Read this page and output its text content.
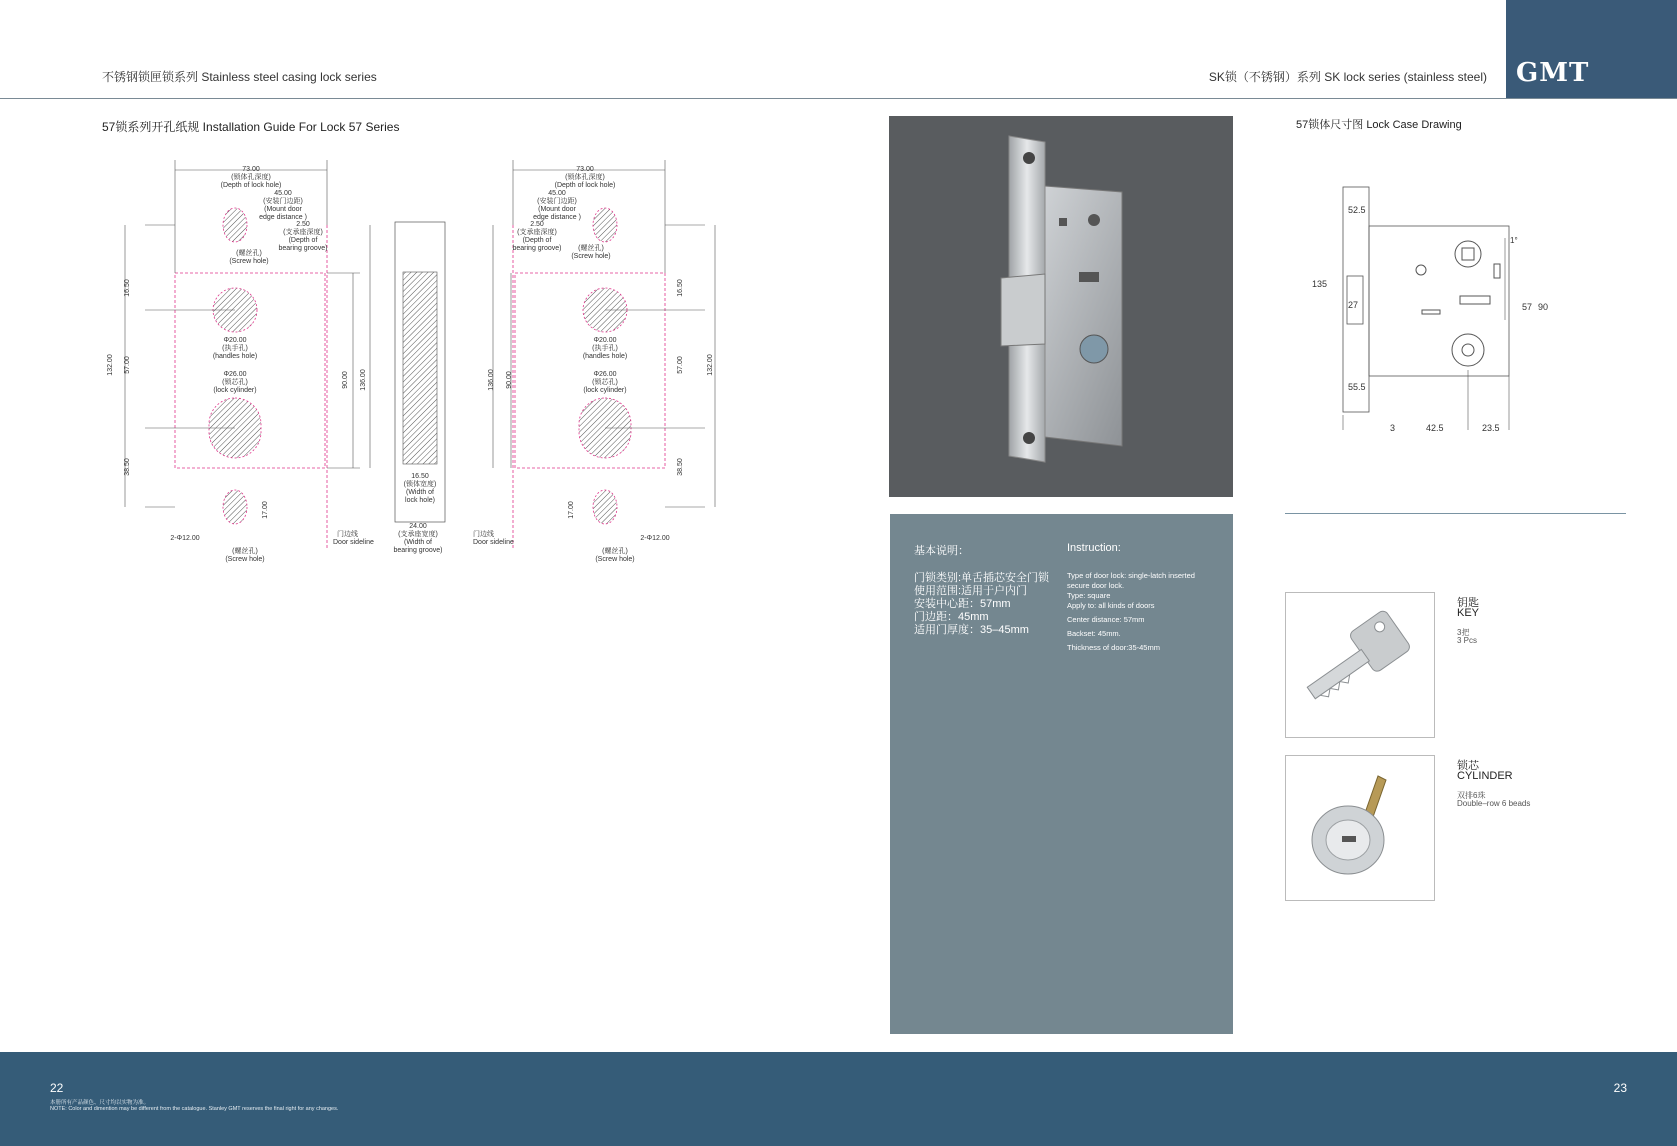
不锈钢锁匣锁系列 Stainless steel casing lock series	SK锁（不锈钢）系列 SK lock series (stainless steel) GMT
57锁系列开孔纸规 Installation Guide For Lock 57 Series
73.00
(锁体孔深度)
(Depth of lock hole)
45.00
(安装门边距)
(Mount door
edge distance )
2.50
(支承座深度)
(Depth of
bearing groove)
(螺丝孔)
(Screw hole)
Φ20.00
(执手孔)
(handles hole)
Φ26.00
(锁芯孔)
(lock cylinder)
2-Φ12.00
(螺丝孔)
(Screw hole)
门边线
Door sideline
16.50
57.00
38.50
132.00
90.00 136.00
17.00
16.50
(锁体宽度)
(Width of
lock hole)
24.00
(支承座宽度)
(Width of
bearing groove)
73.00
(锁体孔深度)
(Depth of lock hole)
45.00
(安装门边距)
(Mount door
edge distance )
2.50
(支承座深度)
(Depth of
bearing groove) (螺丝孔)
(Screw hole)
Φ20.00
(执手孔)
(handles hole)
Φ26.00
(锁芯孔)
(lock cylinder)
2-Φ12.00
(螺丝孔)
(Screw hole)
门边线
Door sideline
16.50
57.00
38.50
132.00
136.00 90.00
17.00
基本说明：
门锁类别:单舌插芯安全门锁
使用范围:适用于户内门
安装中心距：57mm
门边距：45mm
适用门厚度：35–45mm
Instruction:
Type of door lock: single-latch inserted
secure door lock.
Type: square
Apply to: all kinds of doors
Center distance: 57mm
Backset: 45mm.
Thickness of door:35-45mm
57锁体尺寸图 Lock Case Drawing
52.5
135
27
55.5
3	42.5	23.5
57 90
1°
钥匙
KEY
3把
3 Pcs
锁芯
CYLINDER
双排6珠
Double–row 6 beads
22	23
本册所有产品颜色、尺寸均以实物为准。
NOTE: Color and dimention may be different from the catalogue. Stanley GMT reserves the final right for any changes.
